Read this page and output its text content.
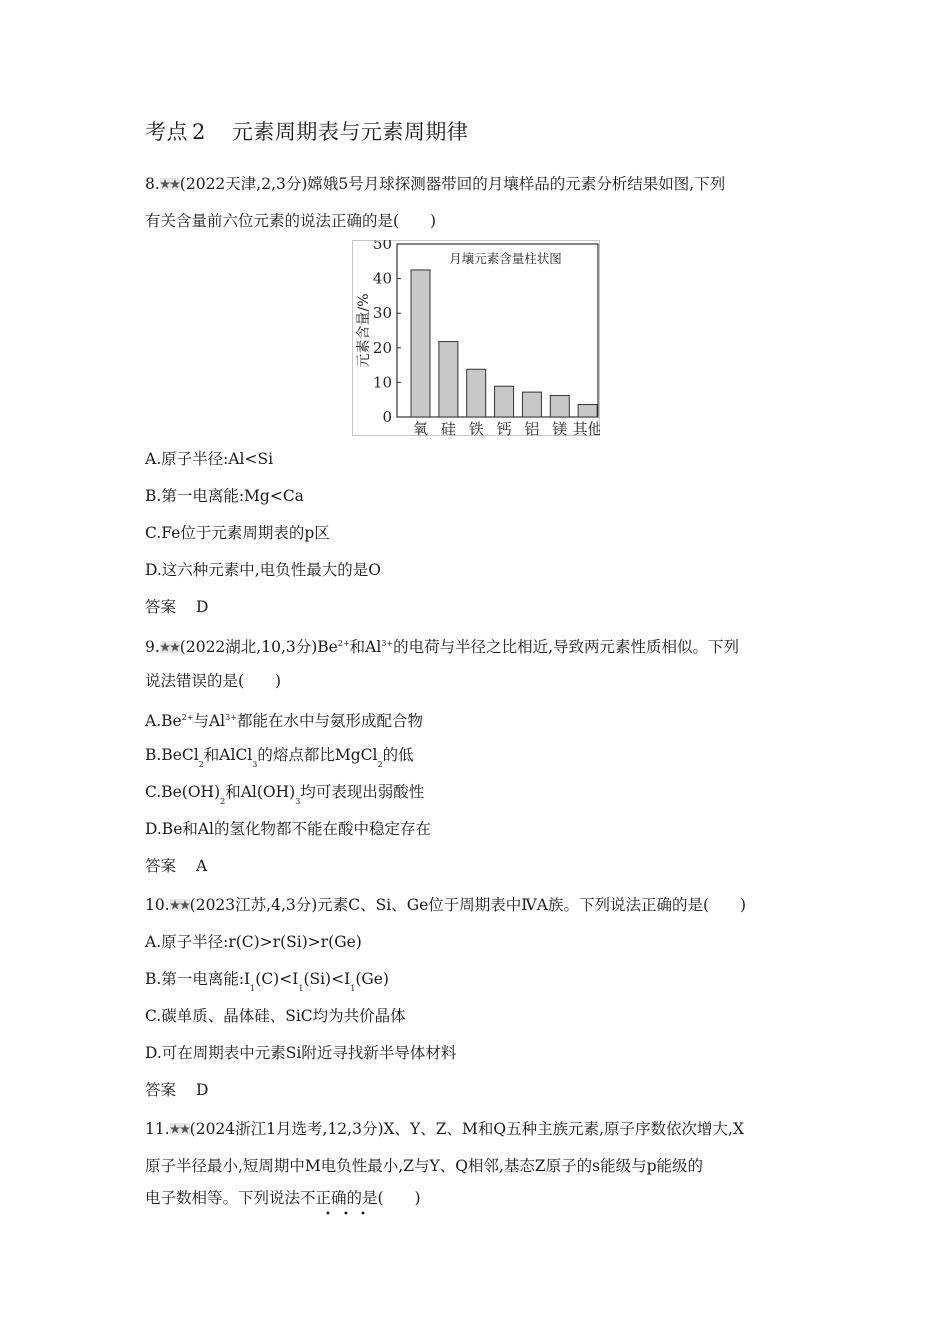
考点 2 元素周期表与元素周期律
8. (2022天津,2,3分)嫦娥5号月球探测器带回的月壤样品的元素分析结果如图,下列
有关含量前六位元素的说法正确的是(　　)
0
10
20
30
40
50
元素含量/%
月壤元素含量柱状图
氧 硅 铁 钙 铝 镁 其他
A.原子半径:Al<Si
B.第一电离能:Mg<Ca
C.Fe位于元素周期表的p区
D.这六种元素中,电负性最大的是O
答案 D
9. (2022湖北,10,3分)$Be^{2+}$和$Al^{3+}$的电荷与半径之比相近,导致两元素性质相似。下列
说法错误的是(　　)
$A.Be^{2+}$与$Al^{3+}$都能在水中与氨形成配合物
B.BeCl$_2$和AlCl$_3$的熔点都比MgCl$_2$的低
$C.Be(OH)_2$和$Al(OH)_3$均可表现出弱酸性
D.Be和Al的氢化物都不能在酸中稳定存在
答案 A
10. (2023江苏,4,3分)元素C、Si、Ge位于周期表中ⅣA族。下列说法正确的是(　　)
A.原子半径:r(C)>r(Si)>r(Ge)
B.第一电离能$:I_1(C)<I_1(Si)<I_1(Ge)$
C.碳单质、晶体硅、SiC均为共价晶体
D.可在周期表中元素Si附近寻找新半导体材料
答案 D
11. (2024浙江1月选考,12,3分)X、Y、Z、M和Q五种主族元素,原子序数依次增大,X
原子半径最小,短周期中M电负性最小,Z与Y、Q相邻,基态Z原子的s能级与p能级的
电子数相等。下列说法不正确的是(　　)
• • •
